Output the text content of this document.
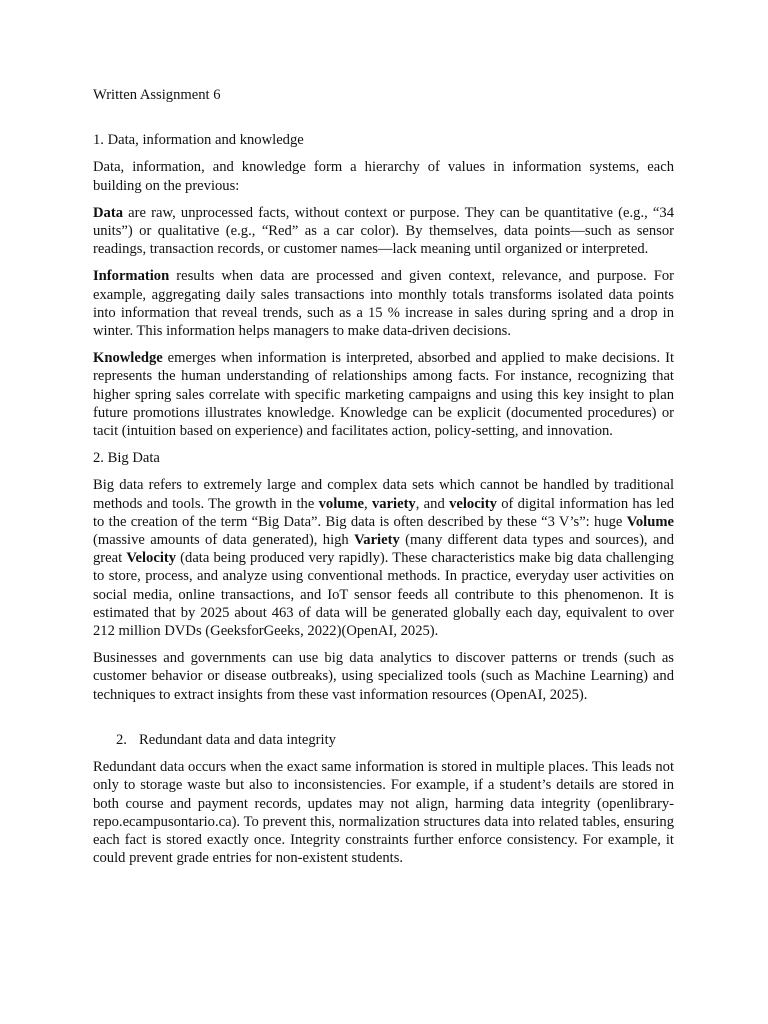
Written Assignment 6

1. Data, information and knowledge

Data, information, and knowledge form a hierarchy of values in information systems, each building on the previous:

Data are raw, unprocessed facts, without context or purpose. They can be quantitative (e.g., “34 units”) or qualitative (e.g., “Red” as a car color). By themselves, data points—such as sensor readings, transaction records, or customer names—lack meaning until organized or interpreted.

Information results when data are processed and given context, relevance, and purpose. For example, aggregating daily sales transactions into monthly totals transforms isolated data points into information that reveal trends, such as a 15 % increase in sales during spring and a drop in winter. This information helps managers to make data-driven decisions.

Knowledge emerges when information is interpreted, absorbed and applied to make decisions. It represents the human understanding of relationships among facts. For instance, recognizing that higher spring sales correlate with specific marketing campaigns and using this key insight to plan future promotions illustrates knowledge. Knowledge can be explicit (documented procedures) or tacit (intuition based on experience) and facilitates action, policy-setting, and innovation.

2. Big Data

Big data refers to extremely large and complex data sets which cannot be handled by traditional methods and tools. The growth in the volume, variety, and velocity of digital information has led to the creation of the term “Big Data”. Big data is often described by these “3 V’s”: huge Volume (massive amounts of data generated), high Variety (many different data types and sources), and great Velocity (data being produced very rapidly). These characteristics make big data challenging to store, process, and analyze using conventional methods. In practice, everyday user activities on social media, online transactions, and IoT sensor feeds all contribute to this phenomenon. It is estimated that by 2025 about 463 of data will be generated globally each day, equivalent to over 212 million DVDs (GeeksforGeeks, 2022)(OpenAI, 2025).

Businesses and governments can use big data analytics to discover patterns or trends (such as customer behavior or disease outbreaks), using specialized tools (such as Machine Learning) and techniques to extract insights from these vast information resources (OpenAI, 2025).

2. Redundant data and data integrity

Redundant data occurs when the exact same information is stored in multiple places. This leads not only to storage waste but also to inconsistencies. For example, if a student’s details are stored in both course and payment records, updates may not align, harming data integrity (openlibrary-repo.ecampusontario.ca). To prevent this, normalization structures data into related tables, ensuring each fact is stored exactly once. Integrity constraints further enforce consistency. For example, it could prevent grade entries for non-existent students.
